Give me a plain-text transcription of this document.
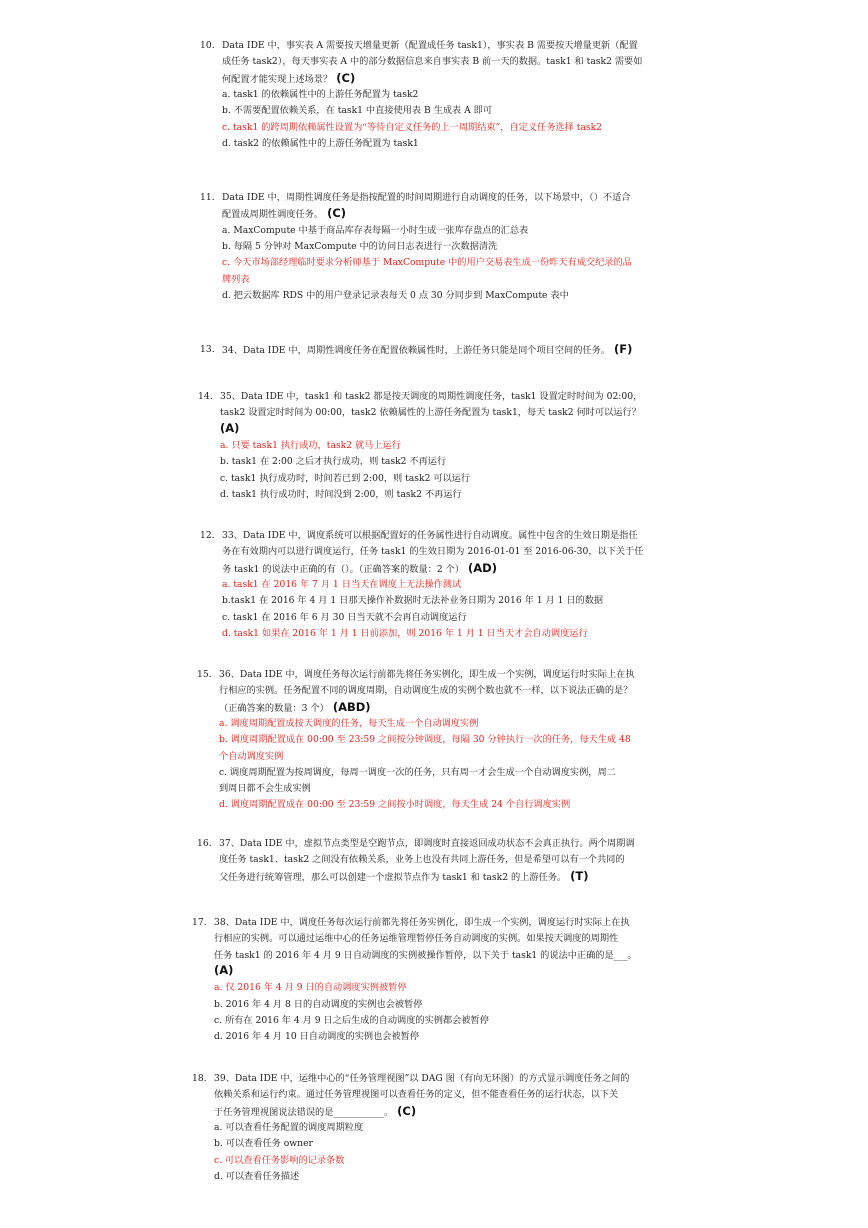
10. Data IDE 中，事实表 A 需要按天增量更新（配置成任务 task1），事实表 B 需要按天增量更新（配置
成任务 task2），每天事实表 A 中的部分数据信息来自事实表 B 前一天的数据。task1 和 task2 需要如
何配置才能实现上述场景？ (C)
a. task1 的依赖属性中的上游任务配置为 task2
b. 不需要配置依赖关系，在 task1 中直接使用表 B 生成表 A 即可
c. task1 的跨周期依赖属性设置为“等待自定义任务的上一周期结束”，自定义任务选择 task2
d. task2 的依赖属性中的上游任务配置为 task1
11. Data IDE 中，周期性调度任务是指按配置的时间周期进行自动调度的任务，以下场景中，（）不适合
配置成周期性调度任务。 (C)
a. MaxCompute 中基于商品库存表每隔一小时生成一张库存盘点的汇总表
b. 每隔 5 分钟对 MaxCompute 中的访问日志表进行一次数据清洗
c. 今天市场部经理临时要求分析师基于 MaxCompute 中的用户交易表生成一份昨天有成交纪录的品
牌列表
d. 把云数据库 RDS 中的用户登录记录表每天 0 点 30 分同步到 MaxCompute 表中
13. 34、Data IDE 中，周期性调度任务在配置依赖属性时，上游任务只能是同个项目空间的任务。 (F)
14. 35、Data IDE 中，task1 和 task2 都是按天调度的周期性调度任务，task1 设置定时时间为 02:00，
task2 设置定时时间为 00:00，task2 依赖属性的上游任务配置为 task1，每天 task2 何时可以运行？
(A)
a. 只要 task1 执行成功，task2 就马上运行
b. task1 在 2:00 之后才执行成功，则 task2 不再运行
c. task1 执行成功时，时间若已到 2:00，则 task2 可以运行
d. task1 执行成功时，时间没到 2:00，则 task2 不再运行
12. 33、Data IDE 中，调度系统可以根据配置好的任务属性进行自动调度。属性中包含的生效日期是指任
务在有效期内可以进行调度运行，任务 task1 的生效日期为 2016-01-01 至 2016-06-30，以下关于任
务 task1 的说法中正确的有（）。（正确答案的数量：2 个） (AD)
a. task1 在 2016 年 7 月 1 日当天在调度上无法操作测试
b.task1 在 2016 年 4 月 1 日那天操作补数据时无法补业务日期为 2016 年 1 月 1 日的数据
c. task1 在 2016 年 6 月 30 日当天就不会再自动调度运行
d. task1 如果在 2016 年 1 月 1 日前添加，则 2016 年 1 月 1 日当天才会自动调度运行
15. 36、Data IDE 中，调度任务每次运行前都先将任务实例化，即生成一个实例，调度运行时实际上在执
行相应的实例。任务配置不同的调度周期，自动调度生成的实例个数也就不一样，以下说法正确的是？
（正确答案的数量：3 个） (ABD)
a. 调度周期配置成按天调度的任务，每天生成一个自动调度实例
b. 调度周期配置成在 00:00 至 23:59 之间按分钟调度，每隔 30 分钟执行一次的任务，每天生成 48
个自动调度实例
c. 调度周期配置为按周调度，每周一调度一次的任务，只有周一才会生成一个自动调度实例，周二
到周日都不会生成实例
d. 调度周期配置成在 00:00 至 23:59 之间按小时调度，每天生成 24 个自行调度实例
16. 37、Data IDE 中，虚拟节点类型是空跑节点，即调度时直接返回成功状态不会真正执行。两个周期调
度任务 task1、task2 之间没有依赖关系，业务上也没有共同上游任务，但是希望可以有一个共同的
父任务进行统筹管理，那么可以创建一个虚拟节点作为 task1 和 task2 的上游任务。 (T)
17. 38、Data IDE 中，调度任务每次运行前都先将任务实例化，即生成一个实例，调度运行时实际上在执
行相应的实例。可以通过运维中心的任务运维管理暂停任务自动调度的实例。如果按天调度的周期性
任务 task1 的 2016 年 4 月 9 日自动调度的实例被操作暂停，以下关于 task1 的说法中正确的是___。
(A)
a. 仅 2016 年 4 月 9 日的自动调度实例被暂停
b. 2016 年 4 月 8 日的自动调度的实例也会被暂停
c. 所有在 2016 年 4 月 9 日之后生成的自动调度的实例都会被暂停
d. 2016 年 4 月 10 日自动调度的实例也会被暂停
18. 39、Data IDE 中，运维中心的“任务管理视图”以 DAG 图（有向无环图）的方式显示调度任务之间的
依赖关系和运行约束。通过任务管理视图可以查看任务的定义，但不能查看任务的运行状态，以下关
于任务管理视图说法错误的是___________。 (C)
a. 可以查看任务配置的调度周期粒度
b. 可以查看任务 owner
c. 可以查看任务影响的记录条数
d. 可以查看任务描述
